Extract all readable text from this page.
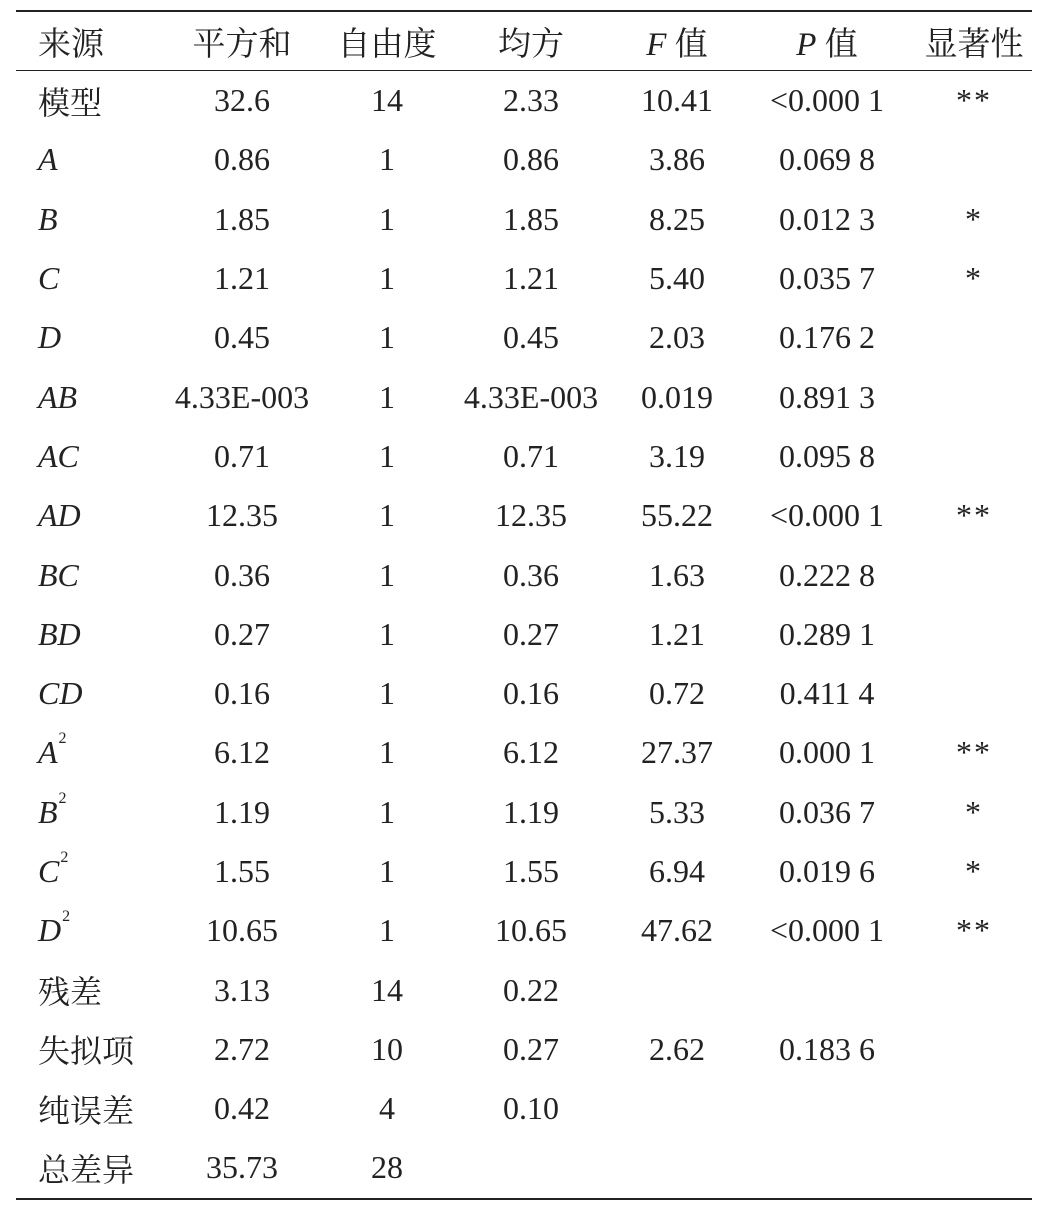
来源	平方和	自由度	均方	F 值	P 值	显著性
模型	32.6	14	2.33	10.41	<0.000 1	**
A	0.86	1	0.86	3.86	0.069 8	
B	1.85	1	1.85	8.25	0.012 3	*
C	1.21	1	1.21	5.40	0.035 7	*
D	0.45	1	0.45	2.03	0.176 2	
AB	4.33E-003	1	4.33E-003	0.019	0.891 3	
AC	0.71	1	0.71	3.19	0.095 8	
AD	12.35	1	12.35	55.22	<0.000 1	**
BC	0.36	1	0.36	1.63	0.222 8	
BD	0.27	1	0.27	1.21	0.289 1	
CD	0.16	1	0.16	0.72	0.411 4	
$A^2$	6.12	1	6.12	27.37	0.000 1	**
$B^2$	1.19	1	1.19	5.33	0.036 7	*
$C^2$	1.55	1	1.55	6.94	0.019 6	*
$D^2$	10.65	1	10.65	47.62	<0.000 1	**
残差	3.13	14	0.22			
失拟项	2.72	10	0.27	2.62	0.183 6	
纯误差	0.42	4	0.10			
总差异	35.73	28				
